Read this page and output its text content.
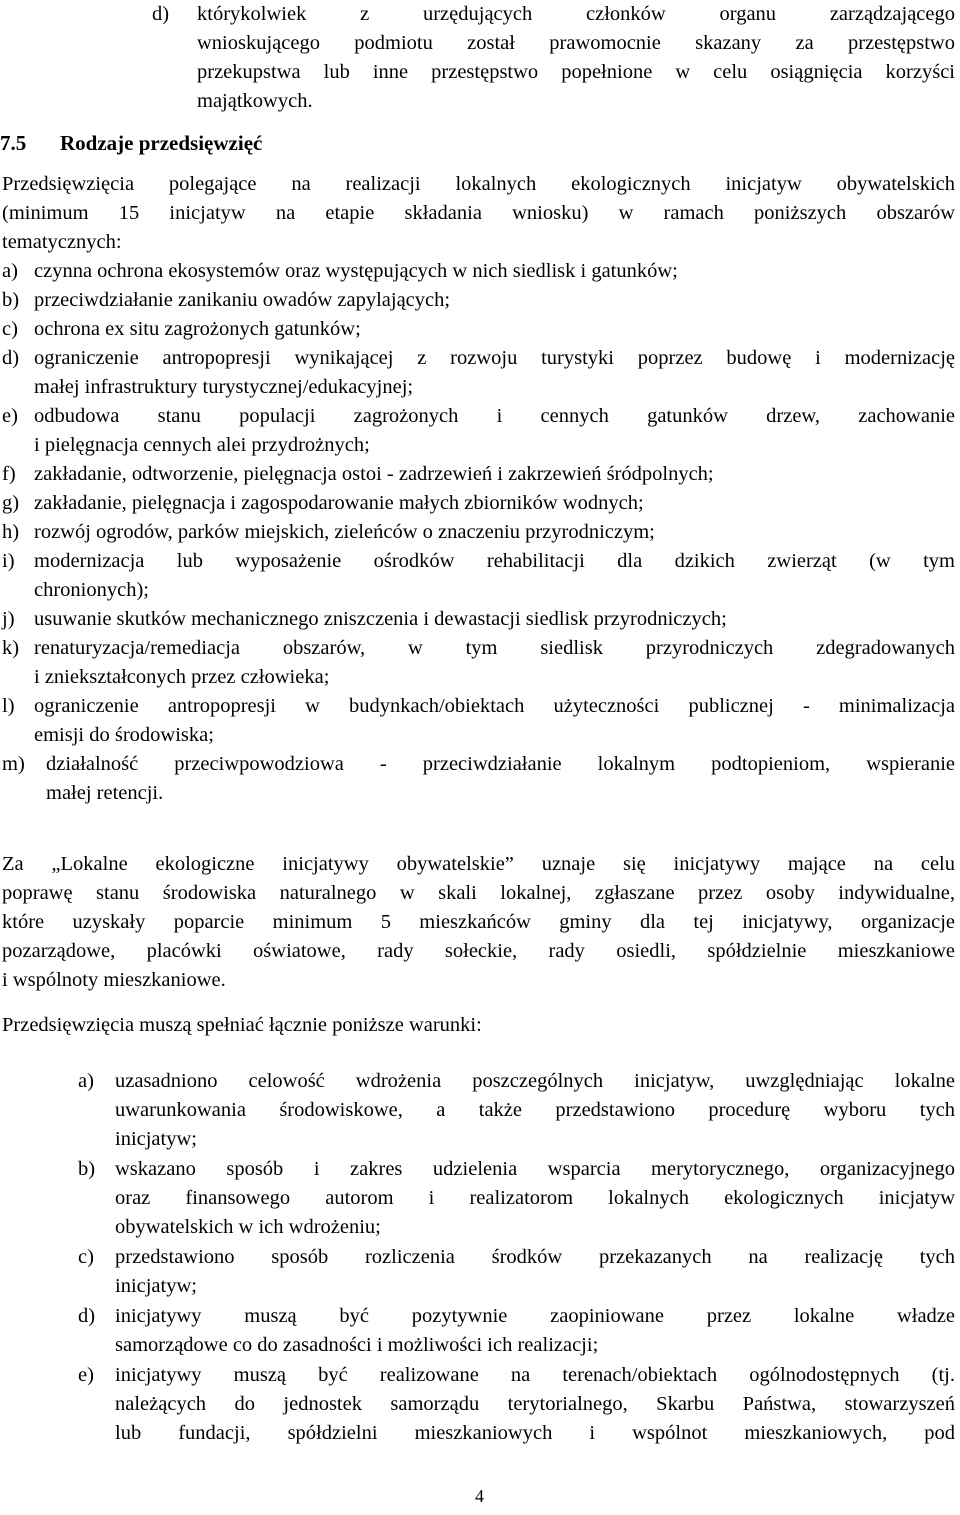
d) którykolwiek z urzędujących członków organu zarządzającego
wnioskującego podmiotu został prawomocnie skazany za przestępstwo
przekupstwa lub inne przestępstwo popełnione w celu osiągnięcia korzyści
majątkowych.
7.5 Rodzaje przedsięwzięć
Przedsięwzięcia polegające na realizacji lokalnych ekologicznych inicjatyw obywatelskich
(minimum 15 inicjatyw na etapie składania wniosku) w ramach poniższych obszarów
tematycznych:
a) czynna ochrona ekosystemów oraz występujących w nich siedlisk i gatunków;
b) przeciwdziałanie zanikaniu owadów zapylających;
c) ochrona ex situ zagrożonych gatunków;
d) ograniczenie antropopresji wynikającej z rozwoju turystyki poprzez budowę i modernizację
małej infrastruktury turystycznej/edukacyjnej;
e) odbudowa stanu populacji zagrożonych i cennych gatunków drzew, zachowanie
i pielęgnacja cennych alei przydrożnych;
f) zakładanie, odtworzenie, pielęgnacja ostoi - zadrzewień i zakrzewień śródpolnych;
g) zakładanie, pielęgnacja i zagospodarowanie małych zbiorników wodnych;
h) rozwój ogrodów, parków miejskich, zieleńców o znaczeniu przyrodniczym;
i) modernizacja lub wyposażenie ośrodków rehabilitacji dla dzikich zwierząt (w tym
chronionych);
j) usuwanie skutków mechanicznego zniszczenia i dewastacji siedlisk przyrodniczych;
k) renaturyzacja/remediacja obszarów, w tym siedlisk przyrodniczych zdegradowanych
i zniekształconych przez człowieka;
l) ograniczenie antropopresji w budynkach/obiektach użyteczności publicznej - minimalizacja
emisji do środowiska;
m) działalność przeciwpowodziowa - przeciwdziałanie lokalnym podtopieniom, wspieranie
małej retencji.
Za „Lokalne ekologiczne inicjatywy obywatelskie” uznaje się inicjatywy mające na celu
poprawę stanu środowiska naturalnego w skali lokalnej, zgłaszane przez osoby indywidualne,
które uzyskały poparcie minimum 5 mieszkańców gminy dla tej inicjatywy, organizacje
pozarządowe, placówki oświatowe, rady sołeckie, rady osiedli, spółdzielnie mieszkaniowe
i wspólnoty mieszkaniowe.
Przedsięwzięcia muszą spełniać łącznie poniższe warunki:
a) uzasadniono celowość wdrożenia poszczególnych inicjatyw, uwzględniając lokalne
uwarunkowania środowiskowe, a także przedstawiono procedurę wyboru tych
inicjatyw;
b) wskazano sposób i zakres udzielenia wsparcia merytorycznego, organizacyjnego
oraz finansowego autorom i realizatorom lokalnych ekologicznych inicjatyw
obywatelskich w ich wdrożeniu;
c) przedstawiono sposób rozliczenia środków przekazanych na realizację tych
inicjatyw;
d) inicjatywy muszą być pozytywnie zaopiniowane przez lokalne władze
samorządowe co do zasadności i możliwości ich realizacji;
e) inicjatywy muszą być realizowane na terenach/obiektach ogólnodostępnych (tj.
należących do jednostek samorządu terytorialnego, Skarbu Państwa, stowarzyszeń
lub fundacji, spółdzielni mieszkaniowych i wspólnot mieszkaniowych, pod
4
